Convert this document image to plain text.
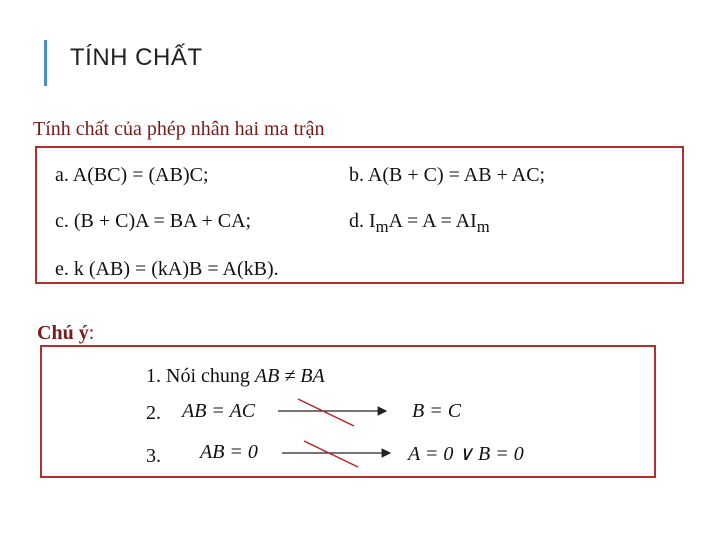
TÍNH CHẤT
Tính chất của phép nhân hai ma trận
a. A(BC) = (AB)C;	b. A(B + C) = AB + AC;
c. (B + C)A = BA + CA;	d. $I_mA = A = AI_m$
e. k (AB) = (kA)B = A(kB).
Chú ý:
1. Nói chung AB ≠ BA
2. AB = AC	B = C
3. AB = 0	A = 0 ∨ B = 0
